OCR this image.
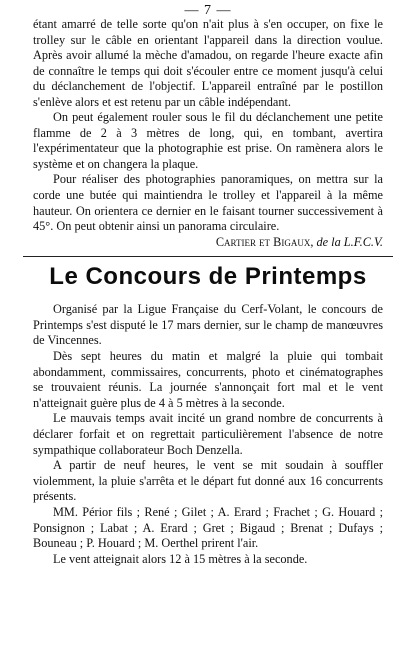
— 7 —

étant amarré de telle sorte qu'on n'ait plus à s'en occuper, on fixe le trolley sur le câble en orientant l'appareil dans la direction voulue. Après avoir allumé la mèche d'amadou, on regarde l'heure exacte afin de connaître le temps qui doit s'écouler entre ce moment jusqu'à celui du déclanchement de l'objectif. L'appareil entraîné par le postillon s'enlève alors et est retenu par un câble indépendant.

On peut également rouler sous le fil du déclanchement une petite flamme de 2 à 3 mètres de long, qui, en tombant, avertira l'expérimentateur que la photographie est prise. On ramènera alors le système et on changera la plaque.

Pour réaliser des photographies panoramiques, on mettra sur la corde une butée qui maintiendra le trolley et l'appareil à la même hauteur. On orientera ce dernier en le faisant tourner successivement à 45°. On peut obtenir ainsi un panorama circulaire.

Cartier et Bigaux, de la L.F.C.V.

Le Concours de Printemps

Organisé par la Ligue Française du Cerf-Volant, le concours de Printemps s'est disputé le 17 mars dernier, sur le champ de manœuvres de Vincennes.

Dès sept heures du matin et malgré la pluie qui tombait abondamment, commissaires, concurrents, photo et cinématographes se trouvaient réunis. La journée s'annonçait fort mal et le vent n'atteignait guère plus de 4 à 5 mètres à la seconde.

Le mauvais temps avait incité un grand nombre de concurrents à déclarer forfait et on regrettait particulièrement l'absence de notre sympathique collaborateur Boch Denzella.

A partir de neuf heures, le vent se mit soudain à souffler violemment, la pluie s'arrêta et le départ fut donné aux 16 concurrents présents.

MM. Périor fils ; René ; Gilet ; A. Erard ; Frachet ; G. Houard ; Ponsignon ; Labat ; A. Erard ; Gret ; Bigaud ; Brenat ; Dufays ; Bouneau ; P. Houard ; M. Oerthel prirent l'air.

Le vent atteignait alors 12 à 15 mètres à la seconde.
